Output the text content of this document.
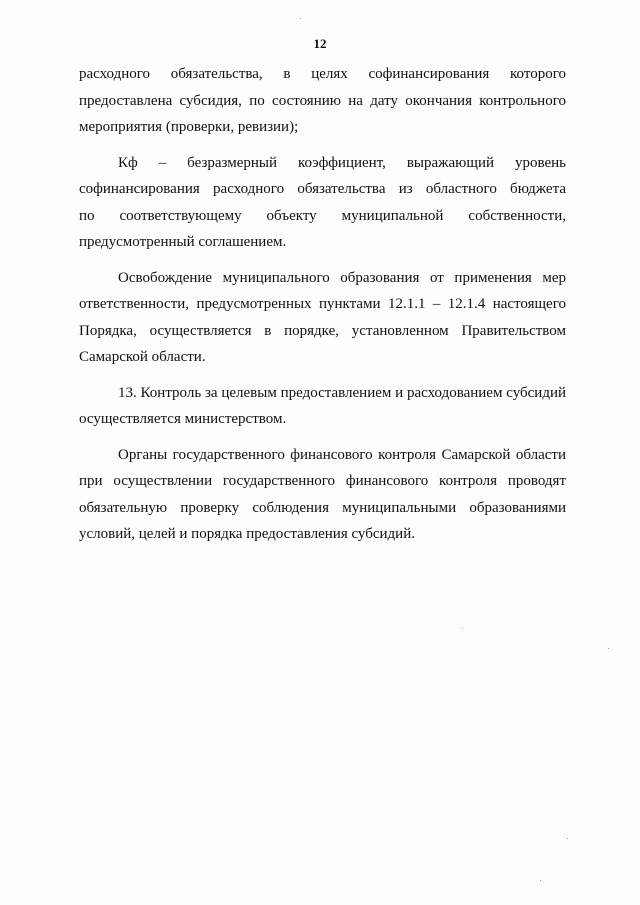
12

расходного обязательства, в целях софинансирования которого
предоставлена субсидия, по состоянию на дату окончания контрольного
мероприятия (проверки, ревизии);

Кф – безразмерный коэффициент, выражающий уровень
софинансирования расходного обязательства из областного бюджета
по соответствующему объекту муниципальной собственности,
предусмотренный соглашением.

Освобождение муниципального образования от применения мер
ответственности, предусмотренных пунктами 12.1.1 – 12.1.4 настоящего
Порядка, осуществляется в порядке, установленном Правительством
Самарской области.

13. Контроль за целевым предоставлением и расходованием субсидий
осуществляется министерством.

Органы государственного финансового контроля Самарской области
при осуществлении государственного финансового контроля проводят
обязательную проверку соблюдения муниципальными образованиями
условий, целей и порядка предоставления субсидий.
